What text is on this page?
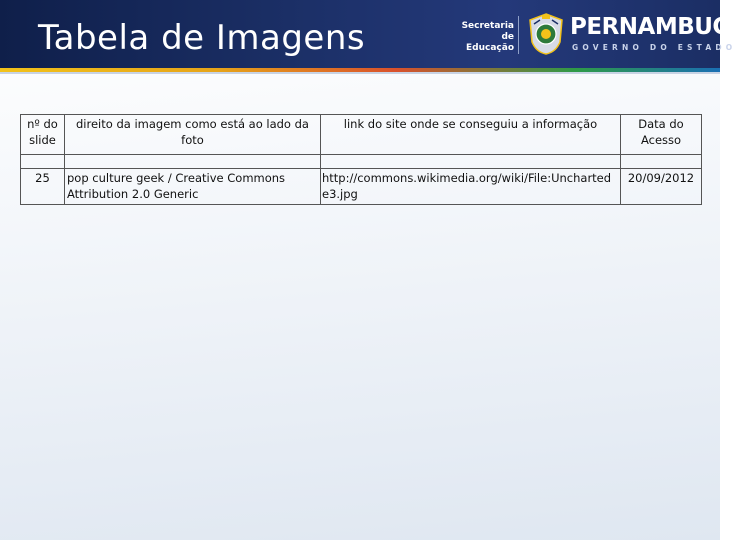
Tabela de Imagens	Secretaria de
Educação
PERNAMBUCO
GOVERNO DO ESTADO
nº do slide	direito da imagem como está ao lado da foto	link do site onde se conseguiu a informação	Data do Acesso

25	pop culture geek / Creative Commons Attribution 2.0 Generic	http://commons.wikimedia.org/wiki/File:Uncharted e3.jpg	20/09/2012
